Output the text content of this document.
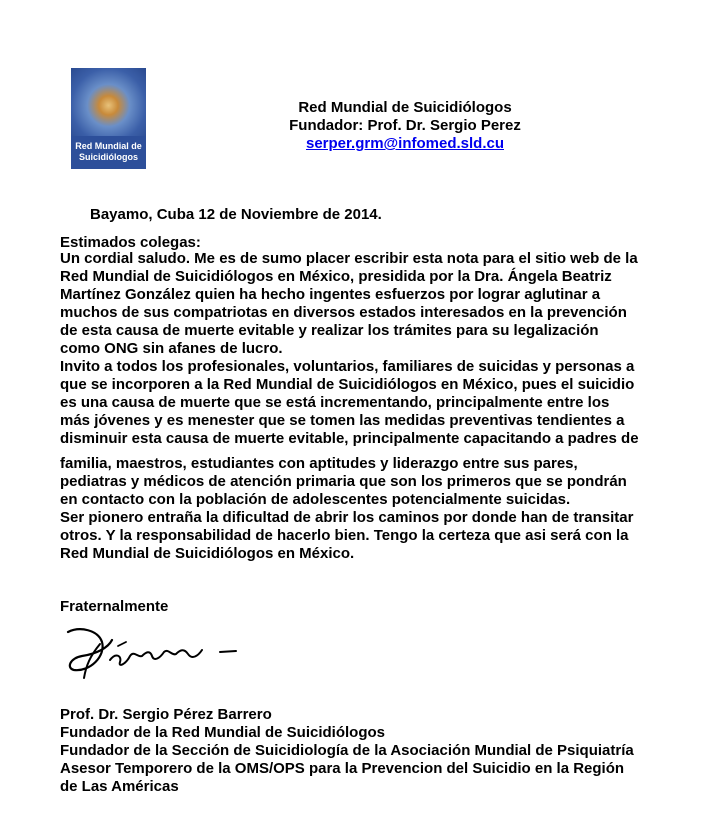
Red Mundial de
Suicidiólogos
Red Mundial de Suicidiólogos
Fundador: Prof. Dr. Sergio Perez
serper.grm@infomed.sld.cu
Bayamo, Cuba 12 de Noviembre de 2014.
Estimados colegas:
Un cordial saludo. Me es de sumo placer escribir esta nota para el sitio web de la
Red Mundial de Suicidiólogos en México, presidida por la Dra. Ángela Beatriz
Martínez González quien ha hecho ingentes esfuerzos por lograr aglutinar a
muchos de sus compatriotas en diversos estados interesados en la prevención
de esta causa de muerte evitable y realizar los trámites para su legalización
como ONG sin afanes de lucro.
Invito a todos los profesionales, voluntarios, familiares de suicidas y personas a
que se incorporen a la Red Mundial de Suicidiólogos en México, pues el suicidio
es una causa de muerte que se está incrementando, principalmente entre los
más jóvenes y es menester que se tomen las medidas preventivas tendientes a
disminuir esta causa de muerte evitable, principalmente capacitando a padres de
familia, maestros, estudiantes con aptitudes y liderazgo entre sus pares,
pediatras y médicos de atención primaria que son los primeros que se pondrán
en contacto con la población de adolescentes potencialmente suicidas.
Ser pionero entraña la dificultad de abrir los caminos por donde han de transitar
otros. Y la responsabilidad de hacerlo bien. Tengo la certeza que asi será con la
Red Mundial de Suicidiólogos en México.
Fraternalmente
Prof. Dr. Sergio Pérez Barrero
Fundador de la Red Mundial de Suicidiólogos
Fundador de la Sección de Suicidiología de la Asociación Mundial de Psiquiatría
Asesor Temporero de la OMS/OPS para la Prevencion del Suicidio en la Región
de Las Américas
